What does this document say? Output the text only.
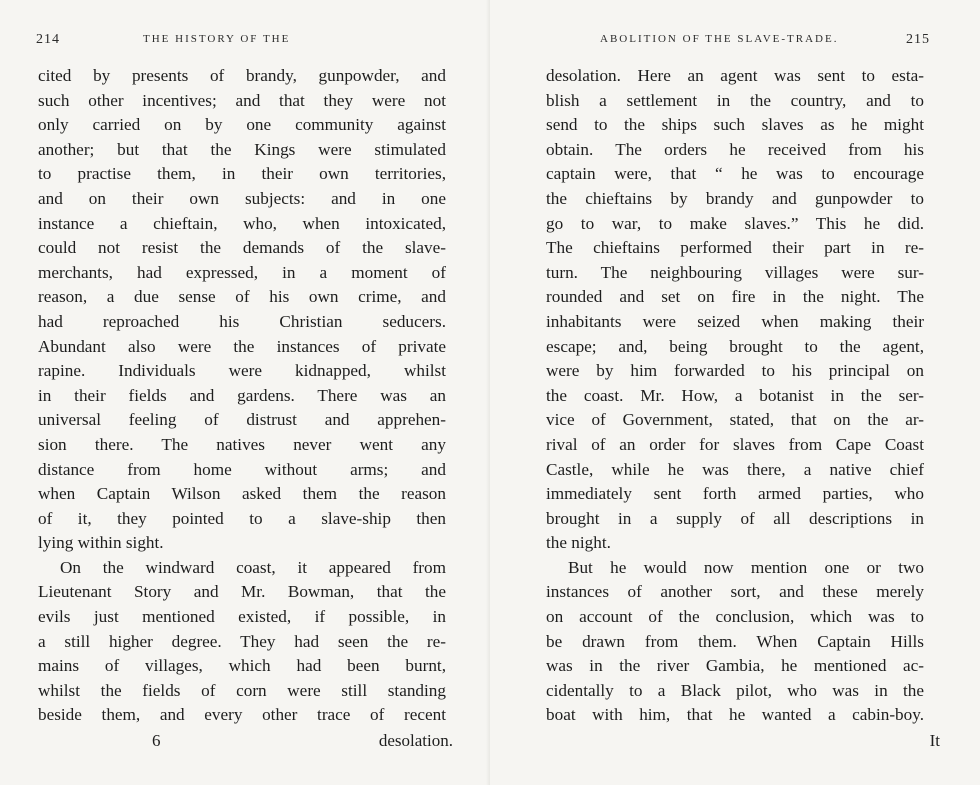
214	THE HISTORY OF THE
cited by presents of brandy, gunpowder, and
such other incentives; and that they were not
only carried on by one community against
another; but that the Kings were stimulated
to practise them, in their own territories,
and on their own subjects: and in one
instance a chieftain, who, when intoxicated,
could not resist the demands of the slave-
merchants, had expressed, in a moment of
reason, a due sense of his own crime, and
had reproached his Christian seducers.
Abundant also were the instances of private
rapine. Individuals were kidnapped, whilst
in their fields and gardens. There was an
universal feeling of distrust and apprehen-
sion there. The natives never went any
distance from home without arms; and
when Captain Wilson asked them the reason
of it, they pointed to a slave-ship then
lying within sight.
On the windward coast, it appeared from
Lieutenant Story and Mr. Bowman, that the
evils just mentioned existed, if possible, in
a still higher degree. They had seen the re-
mains of villages, which had been burnt,
whilst the fields of corn were still standing
beside them, and every other trace of recent
6	desolation.
ABOLITION OF THE SLAVE-TRADE.	215
desolation. Here an agent was sent to esta-
blish a settlement in the country, and to
send to the ships such slaves as he might
obtain. The orders he received from his
captain were, that “ he was to encourage
the chieftains by brandy and gunpowder to
go to war, to make slaves.” This he did.
The chieftains performed their part in re-
turn. The neighbouring villages were sur-
rounded and set on fire in the night. The
inhabitants were seized when making their
escape; and, being brought to the agent,
were by him forwarded to his principal on
the coast. Mr. How, a botanist in the ser-
vice of Government, stated, that on the ar-
rival of an order for slaves from Cape Coast
Castle, while he was there, a native chief
immediately sent forth armed parties, who
brought in a supply of all descriptions in
the night.
But he would now mention one or two
instances of another sort, and these merely
on account of the conclusion, which was to
be drawn from them. When Captain Hills
was in the river Gambia, he mentioned ac-
cidentally to a Black pilot, who was in the
boat with him, that he wanted a cabin-boy.
It
